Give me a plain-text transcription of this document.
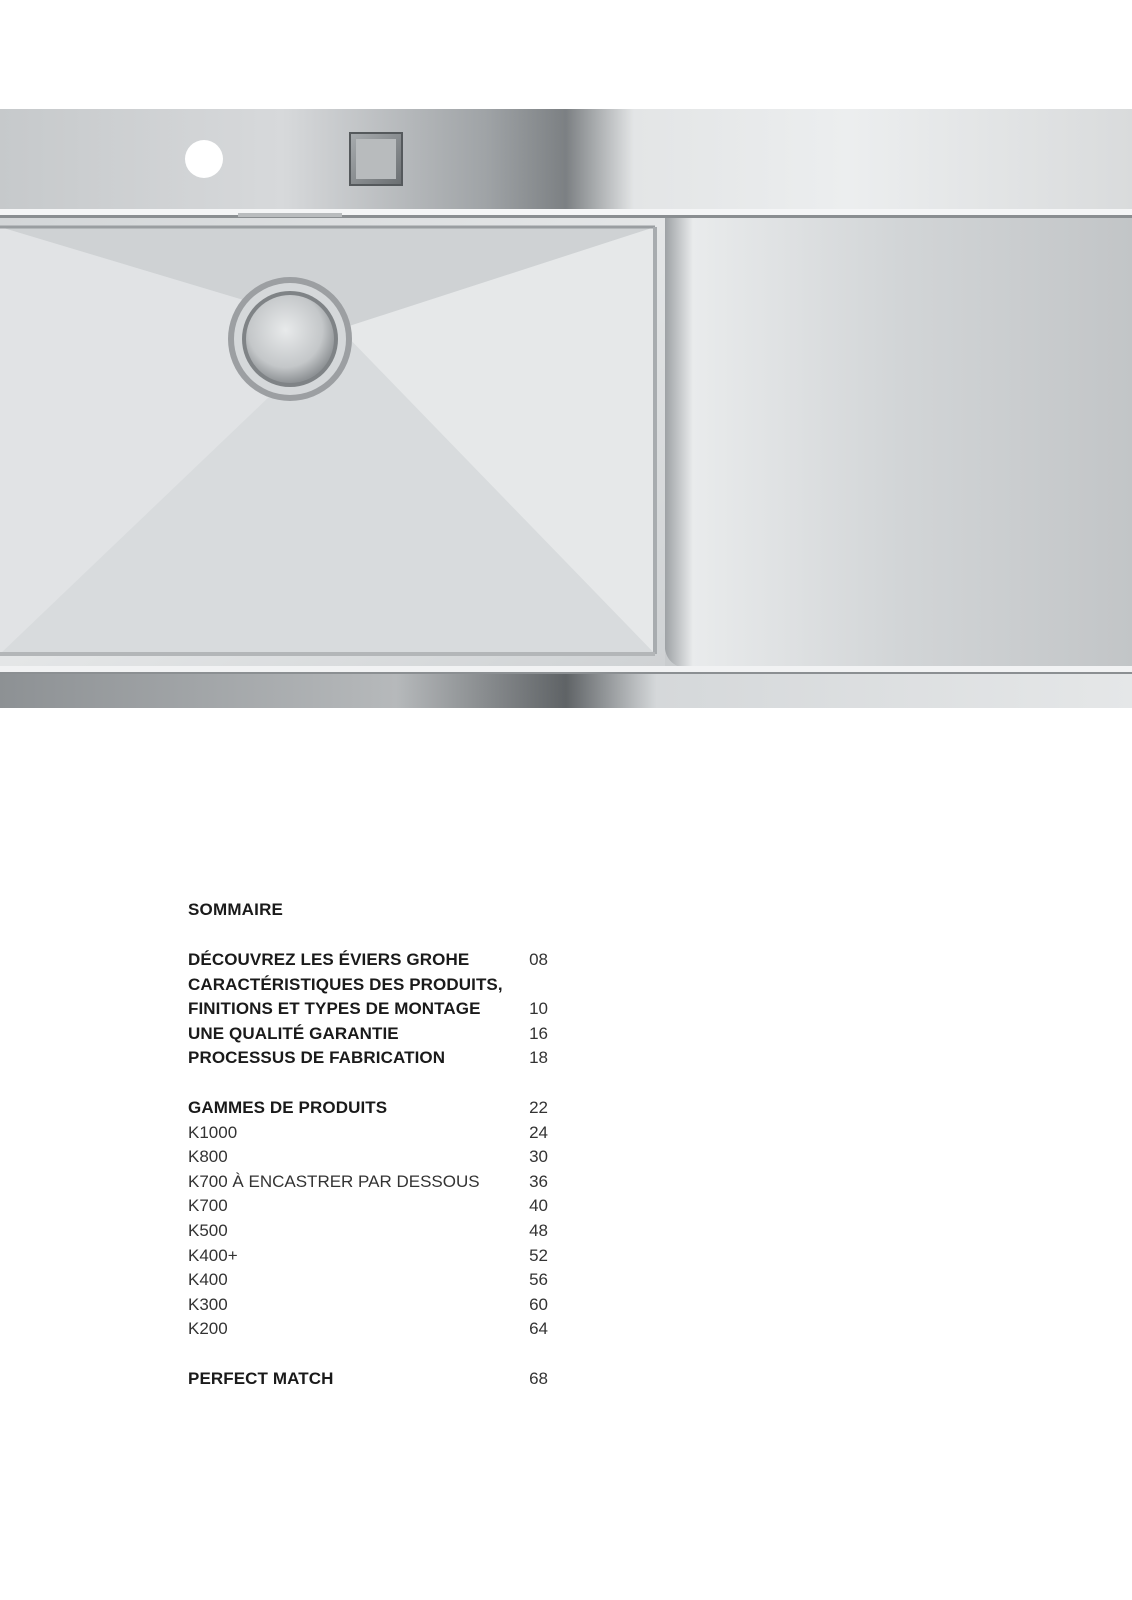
SOMMAIRE
DÉCOUVREZ LES ÉVIERS GROHE	08
CARACTÉRISTIQUES DES PRODUITS,
FINITIONS ET TYPES DE MONTAGE	10
UNE QUALITÉ GARANTIE	16
PROCESSUS DE FABRICATION	18
GAMMES DE PRODUITS	22
K1000	24
K800	30
K700 À ENCASTRER PAR DESSOUS	36
K700	40
K500	48
K400+	52
K400	56
K300	60
K200	64
PERFECT MATCH	68
